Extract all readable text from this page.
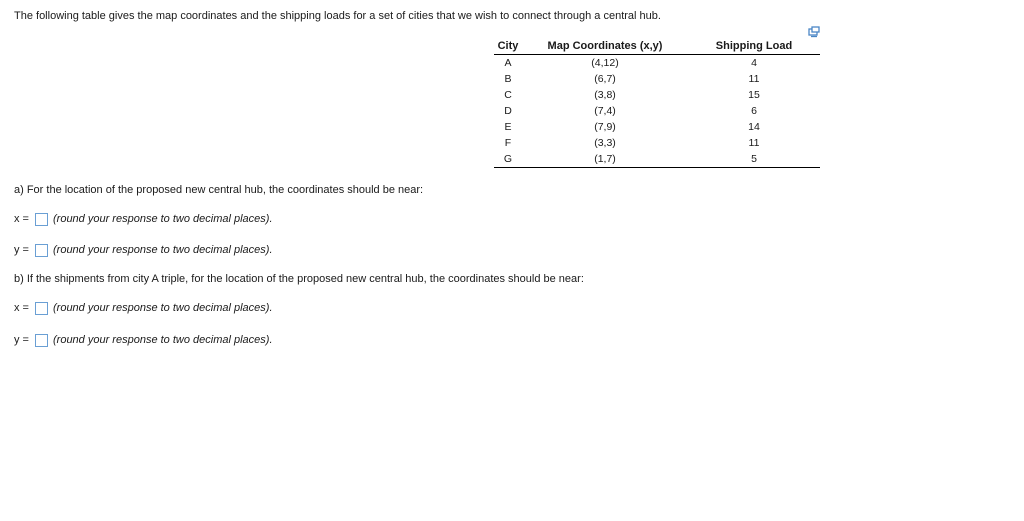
The following table gives the map coordinates and the shipping loads for a set of cities that we wish to connect through a central hub.
City	Map Coordinates (x,y)	Shipping Load
A	(4,12)	4
B	(6,7)	11
C	(3,8)	15
D	(7,4)	6
E	(7,9)	14
F	(3,3)	11
G	(1,7)	5
a) For the location of the proposed new central hub, the coordinates should be near:
x =	(round your response to two decimal places).
y =	(round your response to two decimal places).
b) If the shipments from city A triple, for the location of the proposed new central hub, the coordinates should be near:
x =	(round your response to two decimal places).
y =	(round your response to two decimal places).
